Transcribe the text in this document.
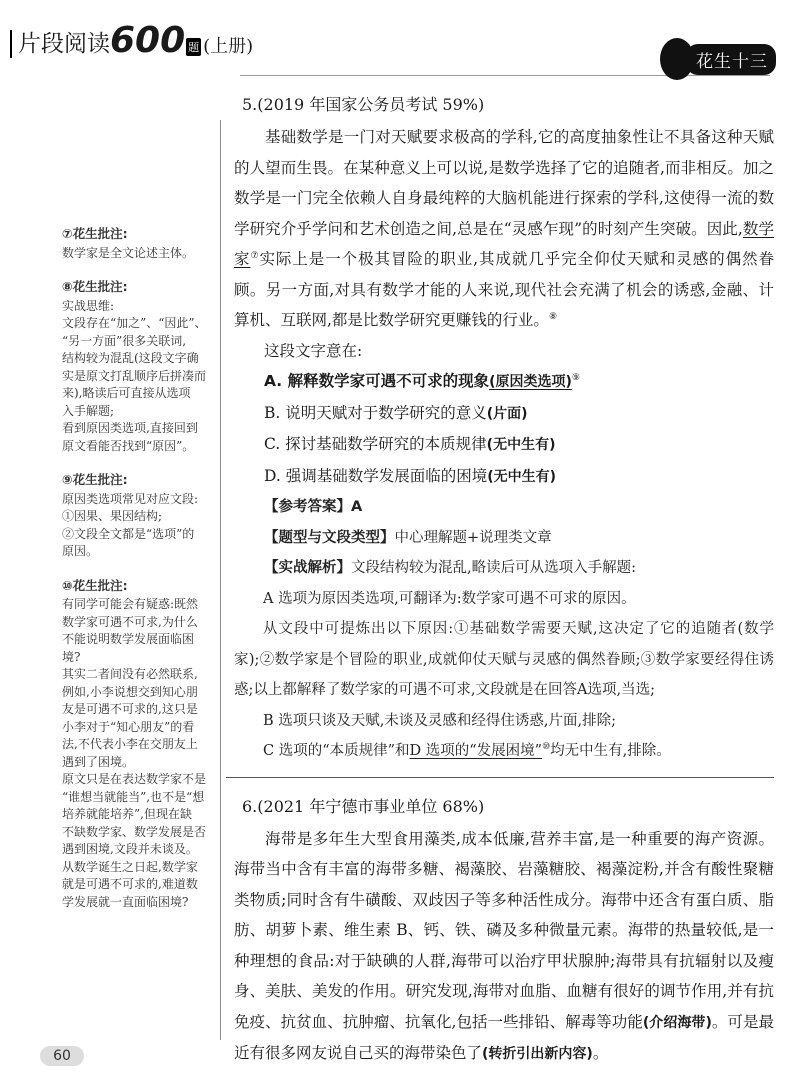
片段阅读 600 题 (上册)
花生十三
⑦花生批注:
数学家是全文论述主体。
⑧花生批注:
实战思维:
文段存在“加之”、“因此”、
“另一方面”很多关联词,
结构较为混乱(这段文字确
实是原文打乱顺序后拼凑而
来),略读后可直接从选项
入手解题;
看到原因类选项,直接回到
原文看能否找到“原因”。
⑨花生批注:
原因类选项常见对应文段:
①因果、果因结构;
②文段全文都是“选项”的
原因。
⑩花生批注:
有同学可能会有疑惑:既然
数学家可遇不可求,为什么
不能说明数学发展面临困
境?
其实二者间没有必然联系,
例如,小李说想交到知心朋
友是可遇不可求的,这只是
小李对于“知心朋友”的看
法,不代表小李在交朋友上
遇到了困境。
原文只是在表达数学家不是
“谁想当就能当”,也不是“想
培养就能培养”,但现在缺
不缺数学家、数学发展是否
遇到困境,文段并未谈及。
从数学诞生之日起,数学家
就是可遇不可求的,难道数
学发展就一直面临困境?
5.(2019 年国家公务员考试 59%)

基础数学是一门对天赋要求极高的学科,它的高度抽象性让不具备这种天赋的人望而生畏。在某种意义上可以说,是数学选择了它的追随者,而非相反。加之数学是一门完全依赖人自身最纯粹的大脑机能进行探索的学科,这使得一流的数学研究介乎学问和艺术创造之间,总是在“灵感乍现”的时刻产生突破。因此,数学家⑦实际上是一个极其冒险的职业,其成就几乎完全仰仗天赋和灵感的偶然眷顾。另一方面,对具有数学才能的人来说,现代社会充满了机会的诱惑,金融、计算机、互联网,都是比数学研究更赚钱的行业。⑧

这段文字意在:
A. 解释数学家可遇不可求的现象(原因类选项)⑨
B. 说明天赋对于数学研究的意义(片面)
C. 探讨基础数学研究的本质规律(无中生有)
D. 强调基础数学发展面临的困境(无中生有)
【参考答案】A
【题型与文段类型】中心理解题+说理类文章
【实战解析】文段结构较为混乱,略读后可从选项入手解题:

A 选项为原因类选项,可翻译为:数学家可遇不可求的原因。

从文段中可提炼出以下原因:①基础数学需要天赋,这决定了它的追随者(数学家);②数学家是个冒险的职业,成就仰仗天赋与灵感的偶然眷顾;③数学家要经得住诱惑;以上都解释了数学家的可遇不可求,文段就是在回答A选项,当选;

B 选项只谈及天赋,未谈及灵感和经得住诱惑,片面,排除;

C 选项的“本质规律”和D 选项的“发展困境”⑩均无中生有,排除。

6.(2021 年宁德市事业单位 68%)

海带是多年生大型食用藻类,成本低廉,营养丰富,是一种重要的海产资源。海带当中含有丰富的海带多糖、褐藻胶、岩藻糖胶、褐藻淀粉,并含有酸性聚糖类物质;同时含有牛磺酸、双歧因子等多种活性成分。海带中还含有蛋白质、脂肪、胡萝卜素、维生素 B、钙、铁、磷及多种微量元素。海带的热量较低,是一种理想的食品:对于缺碘的人群,海带可以治疗甲状腺肿;海带具有抗辐射以及瘦身、美肤、美发的作用。研究发现,海带对血脂、血糖有很好的调节作用,并有抗免疫、抗贫血、抗肿瘤、抗氧化,包括一些排铅、解毒等功能(介绍海带)。可是最近有很多网友说自己买的海带染色了(转折引出新内容)。

60
